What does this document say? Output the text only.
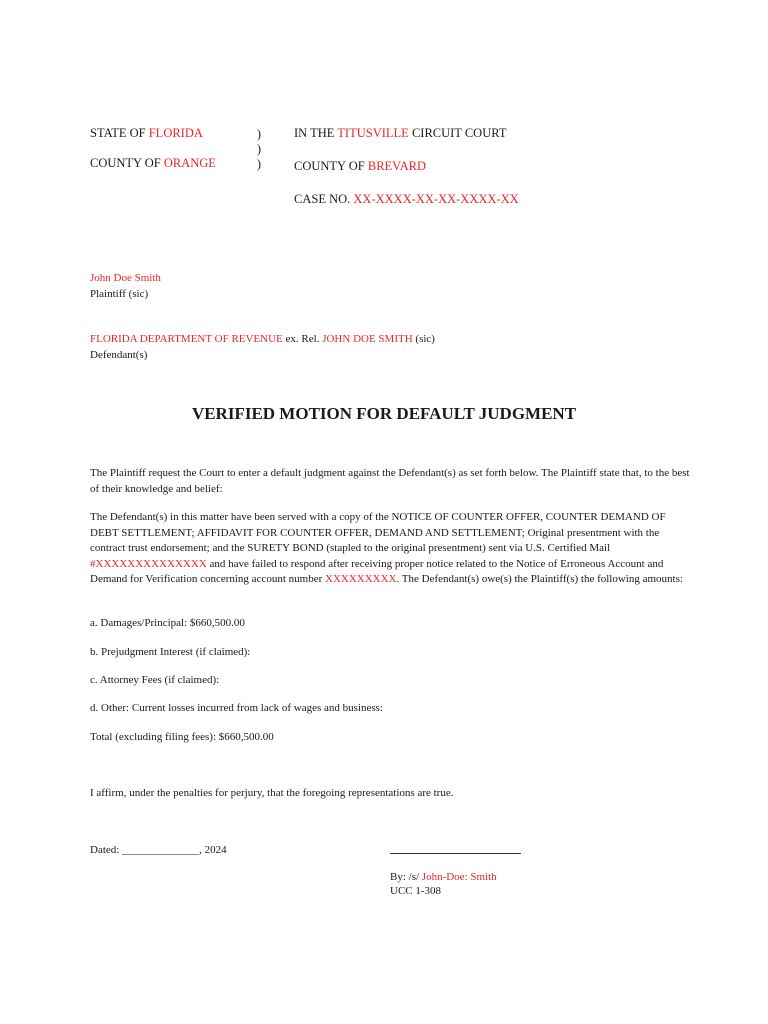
STATE OF FLORIDA
COUNTY OF ORANGE
)
)
)
IN THE TITUSVILLE CIRCUIT COURT
COUNTY OF BREVARD
CASE NO. XX-XXXX-XX-XX-XXXX-XX
John Doe Smith
Plaintiff (sic)
FLORIDA DEPARTMENT OF REVENUE ex. Rel. JOHN DOE SMITH (sic)
Defendant(s)
VERIFIED MOTION FOR DEFAULT JUDGMENT
The Plaintiff request the Court to enter a default judgment against the Defendant(s) as set forth below. The Plaintiff state that, to the best of their knowledge and belief:
The Defendant(s) in this matter have been served with a copy of the NOTICE OF COUNTER OFFER, COUNTER DEMAND OF DEBT SETTLEMENT; AFFIDAVIT FOR COUNTER OFFER, DEMAND AND SETTLEMENT; Original presentment with the contract trust endorsement; and the SURETY BOND (stapled to the original presentment) sent via U.S. Certified Mail #XXXXXXXXXXXXXX and have failed to respond after receiving proper notice related to the Notice of Erroneous Account and Demand for Verification concerning account number XXXXXXXXX. The Defendant(s) owe(s) the Plaintiff(s) the following amounts:
a. Damages/Principal: $660,500.00
b. Prejudgment Interest (if claimed):
c. Attorney Fees (if claimed):
d. Other: Current losses incurred from lack of wages and business:
Total (excluding filing fees): $660,500.00
I affirm, under the penalties for perjury, that the foregoing representations are true.
Dated: ______________, 2024
By: /s/ John-Doe: Smith
UCC 1-308
